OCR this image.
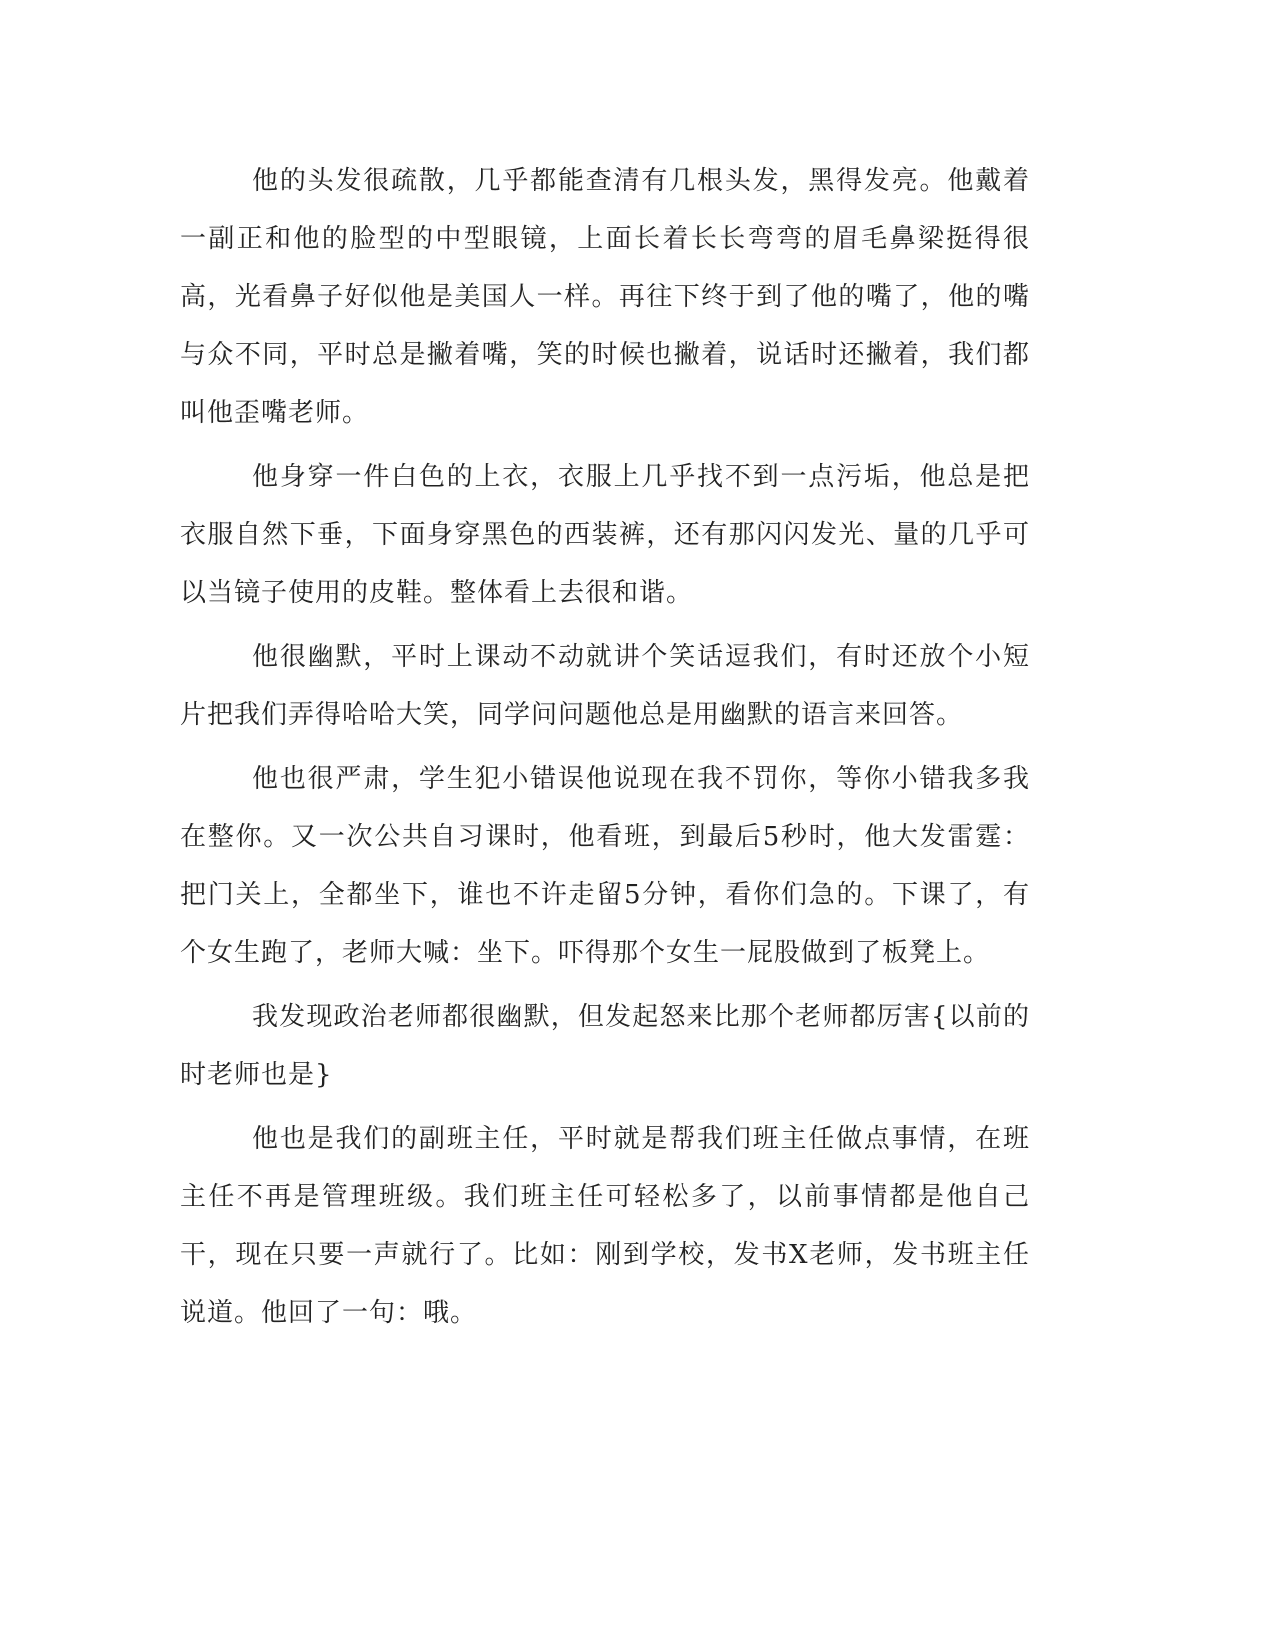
他的头发很疏散，几乎都能查清有几根头发，黑得发亮。他戴着一副正和他的脸型的中型眼镜，上面长着长长弯弯的眉毛鼻梁挺得很高，光看鼻子好似他是美国人一样。再往下终于到了他的嘴了，他的嘴与众不同，平时总是撇着嘴，笑的时候也撇着，说话时还撇着，我们都叫他歪嘴老师。

他身穿一件白色的上衣，衣服上几乎找不到一点污垢，他总是把衣服自然下垂，下面身穿黑色的西装裤，还有那闪闪发光、量的几乎可以当镜子使用的皮鞋。整体看上去很和谐。

他很幽默，平时上课动不动就讲个笑话逗我们，有时还放个小短片把我们弄得哈哈大笑，同学问问题他总是用幽默的语言来回答。

他也很严肃，学生犯小错误他说现在我不罚你，等你小错我多我在整你。又一次公共自习课时，他看班，到最后5秒时，他大发雷霆：把门关上，全都坐下，谁也不许走留5分钟，看你们急的。下课了，有个女生跑了，老师大喊：坐下。吓得那个女生一屁股做到了板凳上。

我发现政治老师都很幽默，但发起怒来比那个老师都厉害{以前的时老师也是}

他也是我们的副班主任，平时就是帮我们班主任做点事情，在班主任不再是管理班级。我们班主任可轻松多了，以前事情都是他自己干，现在只要一声就行了。比如：刚到学校，发书X老师，发书班主任说道。他回了一句：哦。
